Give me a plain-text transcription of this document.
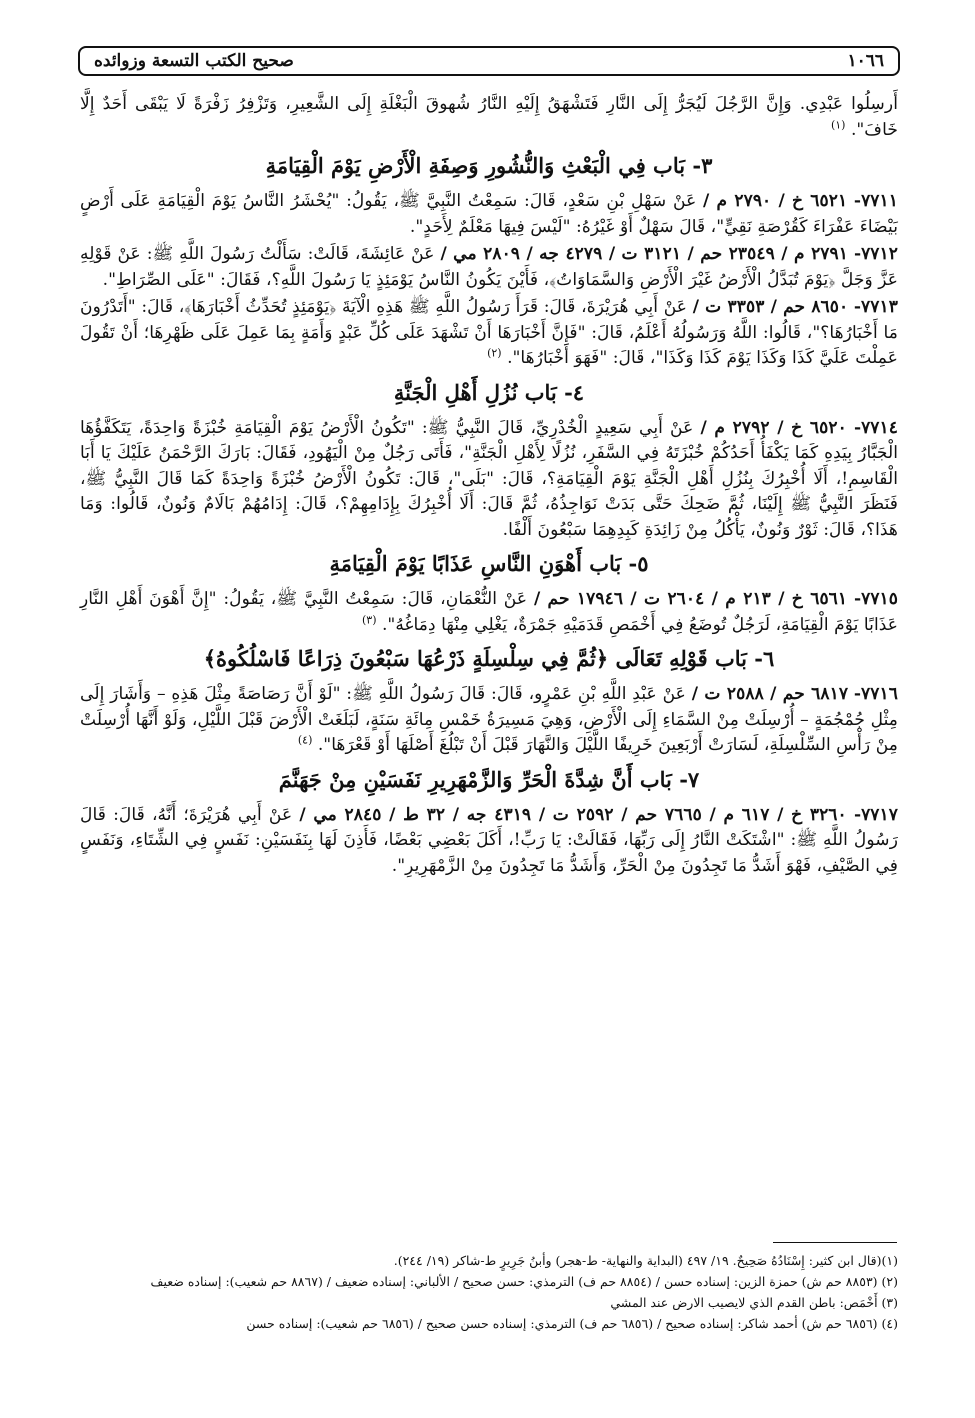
١٠٦٦
صحيح الكتب التسعة وزوائده

أَرسِلُوا عَبْدِي. وَإِنَّ الرَّجُلَ لَيُجَرُّ إِلَى النَّارِ فَتَشْهَقُ إِلَيْهِ النَّارُ شُهوقَ الْبَغْلَةِ إِلَى الشَّعِيرِ، وَتَزْفِرُ زَفْرَةً لَا يَبْقَى أَحَدٌ إِلَّا خَافَ". $^{(١)}$

٣- بَاب فِي الْبَعْثِ وَالنُّشُورِ وَصِفَةِ الْأَرْضِ يَوْمَ الْقِيَامَةِ

٧٧١١- ٦٥٢١ خ / ٢٧٩٠ م / عَنْ سَهْلِ بْنِ سَعْدٍ، قَالَ: سَمِعْتُ النَّبِيَّ ﷺ، يَقُولُ: "يُحْشَرُ النَّاسُ يَوْمَ الْقِيَامَةِ عَلَى أَرْضٍ بَيْضَاءَ عَفْرَاءَ كَقُرْصَةِ نَقِيٍّ"، قَالَ سَهْلٌ أَوْ غَيْرُهُ: "لَيْسَ فِيهَا مَعْلَمٌ لِأَحَدٍ".

٧٧١٢- ٢٧٩١ م / ٢٣٥٤٩ حم / ٣١٢١ ت / ٤٢٧٩ جه / ٢٨٠٩ مي / عَنْ عَائِشَةَ، قَالَتْ: سَأَلْتُ رَسُولَ اللَّهِ ﷺ: عَنْ قَوْلِهِ عَزَّ وَجَلَّ ﴿يَوْمَ تُبَدَّلُ الْأَرْضُ غَيْرَ الْأَرْضِ وَالسَّمَاوَاتُ﴾، فَأَيْنَ يَكُونُ النَّاسُ يَوْمَئِذٍ يَا رَسُولَ اللَّهِ؟، فَقَالَ: "عَلَى الصِّرَاطِ".

٧٧١٣- ٨٦٥٠ حم / ٣٣٥٣ ت / عَنْ أَبِي هُرَيْرَةَ، قَالَ: قَرَأَ رَسُولُ اللَّهِ ﷺ هَذِهِ الْآيَةَ ﴿يَوْمَئِذٍ تُحَدِّثُ أَخْبَارَهَا﴾، قَالَ: "أَتَدْرُونَ مَا أَخْبَارُهَا؟"، قَالُوا: اللَّهُ وَرَسُولُهُ أَعْلَمُ، قَالَ: "فَإِنَّ أَخْبَارَهَا أَنْ تَشْهَدَ عَلَى كُلِّ عَبْدٍ وَأَمَةٍ بِمَا عَمِلَ عَلَى ظَهْرِهَا؛ أَنْ تَقُولَ عَمِلْتَ عَلَيَّ كَذَا وَكَذَا يَوْمَ كَذَا وَكَذَا"، قَالَ: "فَهَوَ أَخْبَارُهَا". $^{(٢)}$

٤- بَاب نُزُلِ أَهْلِ الْجَنَّةِ

٧٧١٤- ٦٥٢٠ خ / ٢٧٩٢ م / عَنْ أَبِي سَعِيدٍ الْخُدْرِيِّ، قَالَ النَّبِيُّ ﷺ: "تَكُونُ الْأَرْضُ يَوْمَ الْقِيَامَةِ خُبْزَةً وَاحِدَةً، يَتَكَفَّؤُهَا الْجَبَّارُ بِيَدِهِ كَمَا يَكْفَأُ أَحَدُكُمْ خُبْزَتَهُ فِي السَّفَرِ، نُزُلًا لِأَهْلِ الْجَنَّةِ"، فَأَتَى رَجُلٌ مِنْ الْيَهُودِ، فَقَالَ: بَارَكَ الرَّحْمَنُ عَلَيْكَ يَا أَبَا الْقَاسِمِ!، أَلَا أُخْبِرُكَ بِنُزُلِ أَهْلِ الْجَنَّةِ يَوْمَ الْقِيَامَةِ؟، قَالَ: "بَلَى"، قَالَ: تَكُونُ الْأَرْضُ خُبْزَةً وَاحِدَةً كَمَا قَالَ النَّبِيُّ ﷺ، فَنَظَرَ النَّبِيُّ ﷺ إِلَيْنَا، ثُمَّ ضَحِكَ حَتَّى بَدَتْ نَوَاجِذُهُ، ثُمَّ قَالَ: أَلَا أُخْبِرُكَ بِإِدَامِهِمْ؟، قَالَ: إِدَامُهُمْ بَالَامٌ وَنُونٌ، قَالُوا: وَمَا هَذَا؟، قَالَ: ثَوْرٌ وَنُونٌ، يَأْكُلُ مِنْ زَائِدَةِ كَبِدِهِمَا سَبْعُونَ أَلْفًا.

٥- بَاب أَهْوَنِ النَّاسِ عَذَابًا يَوْمَ الْقِيَامَةِ

٧٧١٥- ٦٥٦١ خ / ٢١٣ م / ٢٦٠٤ ت / ١٧٩٤٦ حم / عَنْ النُّعْمَانِ، قَالَ: سَمِعْتُ النَّبِيَّ ﷺ، يَقُولُ: "إِنَّ أَهْوَنَ أَهْلِ النَّارِ عَذَابًا يَوْمَ الْقِيَامَةِ، لَرَجُلٌ تُوضَعُ فِي أَخْمَصِ قَدَمَيْهِ جَمْرَةٌ، يَغْلِي مِنْهَا دِمَاغُهُ". $^{(٣)}$

٦- بَاب قَوْلِهِ تَعَالَى ﴿ثُمَّ فِي سِلْسِلَةٍ ذَرْعُهَا سَبْعُونَ ذِرَاعًا فَاسْلُكُوهُ﴾

٧٧١٦- ٦٨١٧ حم / ٢٥٨٨ ت / عَنْ عَبْدِ اللَّهِ بْنِ عَمْرٍو، قَالَ: قَالَ رَسُولُ اللَّهِ ﷺ: "لَوْ أَنَّ رَصَاصَةً مِثْلَ هَذِهِ – وَأَشَارَ إِلَى مِثْلِ جُمْجُمَةٍ – أُرْسِلَتْ مِنْ السَّمَاءِ إِلَى الْأَرْضِ، وَهِيَ مَسِيرَةُ خَمْسِ مِائَةِ سَنَةٍ، لَبَلَغَتْ الْأَرْضَ قَبْلَ اللَّيْلِ، وَلَوْ أَنَّهَا أُرْسِلَتْ مِنْ رَأْسِ السِّلْسِلَةِ، لَسَارَتْ أَرْبَعِينَ خَرِيفًا اللَّيْلَ وَالنَّهَارَ قَبْلَ أَنْ تَبْلُغَ أَصْلَهَا أَوْ قَعْرَهَا". $^{(٤)}$

٧- بَاب أَنَّ شِدَّةَ الْحَرِّ وَالزَّمْهَرِيرِ نَفَسَيْنِ مِنْ جَهَنَّمَ

٧٧١٧- ٣٢٦٠ خ / ٦١٧ م / ٧٦٦٥ حم / ٢٥٩٢ ت / ٤٣١٩ جه / ٣٢ ط / ٢٨٤٥ مي / عَنْ أَبِي هُرَيْرَةَ؛ أَنَّهُ، قَالَ: قَالَ رَسُولُ اللَّهِ ﷺ: "اشْتَكَتْ النَّارُ إِلَى رَبِّهَا، فَقَالَتْ: يَا رَبِّ!، أَكَلَ بَعْضِي بَعْضًا، فَأَذِنَ لَهَا بِنَفَسَيْنِ: نَفَسٍ فِي الشِّتَاءِ، وَنَفَسٍ فِي الصَّيْفِ، فَهْوَ أَشَدُّ مَا تَجِدُونَ مِنْ الْحَرِّ، وَأَشَدُّ مَا تَجِدُونَ مِنْ الزَّمْهَرِيرِ".

(١)(قال ابن كثير: إِسْنَادُهُ صَحِيحٌ. ١٩/ ٤٩٧ (البداية والنهاية- ط-هجر) وأبنُ جَرِيرٍ ط-شاكر (١٩/ ٢٤٤).

(٢) (٨٨٥٣ حم ش) حمزة الزين: إسناده حسن / (٨٨٥٤ حم ف) الترمذي: حسن صحيح / الألباني: إسناده ضعيف / (٨٨٦٧ حم شعيب): إسناده ضعيف

(٣) أَخْمَص: باطن القدم الذي لايصيب الارض عند المشي

(٤) (٦٨٥٦ حم ش) أحمد شاكر: إسناده صحيح / (٦٨٥٦ حم ف) الترمذي: إسناده حسن صحيح / (٦٨٥٦ حم شعيب): إسناده حسن
